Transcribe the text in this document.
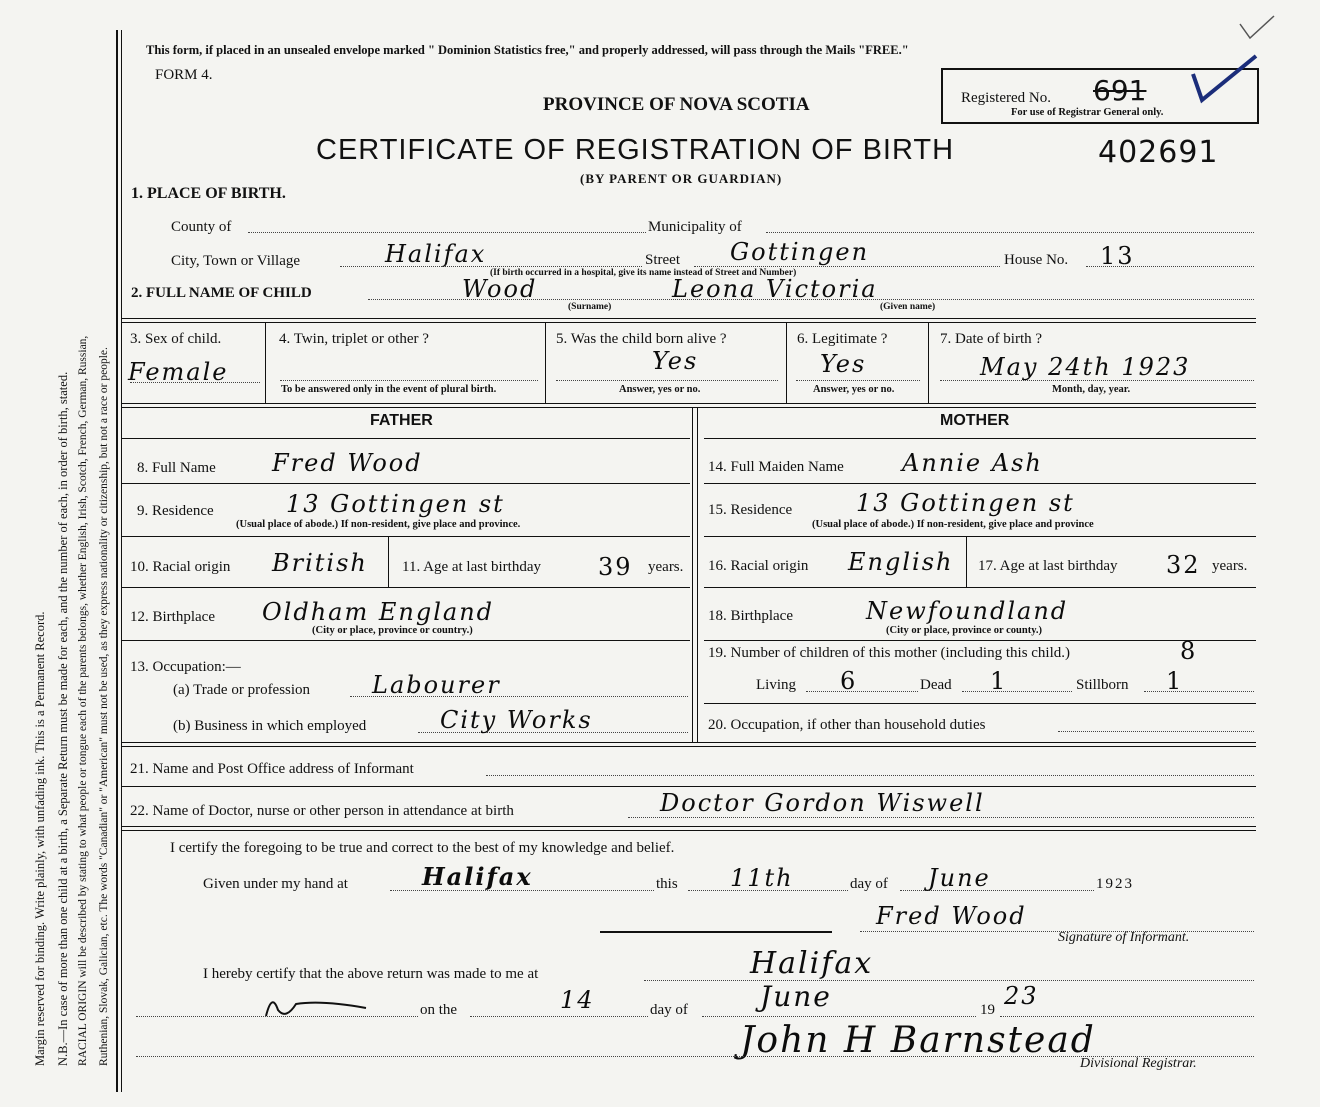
Margin reserved for binding. Write plainly, with unfading ink. This is a Permanent Record. N.B.—In case of more than one child at a birth, a Separate Return must be made for each, and the number of each, in order of birth, stated. RACIAL ORIGIN will be described by stating to what people or tongue each of the parents belongs, whether English, Irish, Scotch, French, German, Russian, Ruthenian, Slovak, Galician, etc. The words "Canadian" or "American" must not be used, as they express nationality or citizenship, but not a race or people.
This form, if placed in an unsealed envelope marked " Dominion Statistics free," and properly addressed, will pass through the Mails "FREE."
FORM 4.
PROVINCE OF NOVA SCOTIA	Registered No. 691
For use of Registrar General only.
CERTIFICATE OF REGISTRATION OF BIRTH	402691
(BY PARENT OR GUARDIAN)
1. PLACE OF BIRTH.
County of	Municipality of
City, Town or Village	Halifax	Street Gottingen	House No. 13
(If birth occurred in a hospital, give its name instead of Street and Number)
2. FULL NAME OF CHILD	Wood	Leona Victoria
(Surname)	(Given name)
3. Sex of child.
Female
4. Twin, triplet or other ?
To be answered only in the event of plural birth.
5. Was the child born alive ?
Yes
Answer, yes or no.
6. Legitimate ?
Yes
Answer, yes or no.
7. Date of birth ?
May 24th 1923
Month, day, year.
FATHER	MOTHER
8. Full Name Fred Wood
9. Residence	13 Gottingen st
(Usual place of abode.) If non-resident, give place and province.
10. Racial origin British 11. Age at last birthday 39 years.
12. Birthplace Oldham England
(City or place, province or country.)
13. Occupation:—
(a) Trade or profession	Labourer
(b) Business in which employed	City Works
14. Full Maiden Name Annie Ash
15. Residence	13 Gottingen st
(Usual place of abode.) If non-resident, give place and province
16. Racial origin English 17. Age at last birthday 32 years.
18. Birthplace	Newfoundland
(City or place, province or county.)
19. Number of children of this mother (including this child.)	8
Living 6	Dead 1	Stillborn 1
20. Occupation, if other than household duties
21. Name and Post Office address of Informant
22. Name of Doctor, nurse or other person in attendance at birth	Doctor Gordon Wiswell
I certify the foregoing to be true and correct to the best of my knowledge and belief.
Given under my hand at	Halifax	this 11th	day of June	1923
Fred Wood
Signature of Informant.
I hereby certify that the above return was made to me at	Halifax
on the	14	day of	June	19 23
John H Barnstead
Divisional Registrar.
